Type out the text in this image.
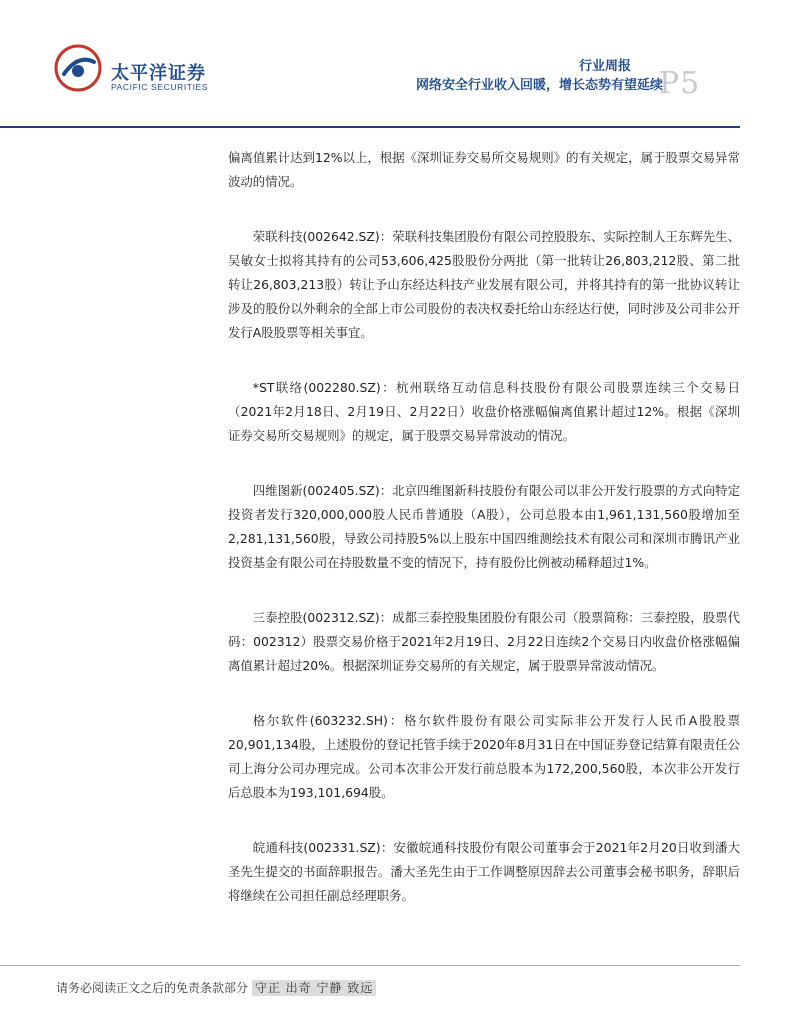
太平洋证券
PACIFIC SECURITIES
行业周报
网络安全行业收入回暖，增长态势有望延续
P5

偏离值累计达到12%以上，根据《深圳证券交易所交易规则》的有关规定，属于股票交易异常波动的情况。

荣联科技(002642.SZ)：荣联科技集团股份有限公司控股股东、实际控制人王东辉先生、吴敏女士拟将其持有的公司53,606,425股股份分两批（第一批转让26,803,212股、第二批转让26,803,213股）转让予山东经达科技产业发展有限公司，并将其持有的第一批协议转让涉及的股份以外剩余的全部上市公司股份的表决权委托给山东经达行使，同时涉及公司非公开发行A股股票等相关事宜。

*ST联络(002280.SZ)：杭州联络互动信息科技股份有限公司股票连续三个交易日（2021年2月18日、2月19日、2月22日）收盘价格涨幅偏离值累计超过12%。根据《深圳证券交易所交易规则》的规定，属于股票交易异常波动的情况。

四维图新(002405.SZ)：北京四维图新科技股份有限公司以非公开发行股票的方式向特定投资者发行320,000,000股人民币普通股（A股），公司总股本由1,961,131,560股增加至2,281,131,560股，导致公司持股5%以上股东中国四维测绘技术有限公司和深圳市腾讯产业投资基金有限公司在持股数量不变的情况下，持有股份比例被动稀释超过1%。

三泰控股(002312.SZ)：成都三泰控股集团股份有限公司（股票简称：三泰控股，股票代码：002312）股票交易价格于2021年2月19日、2月22日连续2个交易日内收盘价格涨幅偏离值累计超过20%。根据深圳证券交易所的有关规定，属于股票异常波动情况。

格尔软件(603232.SH)：格尔软件股份有限公司实际非公开发行人民币A股股票20,901,134股，上述股份的登记托管手续于2020年8月31日在中国证券登记结算有限责任公司上海分公司办理完成。公司本次非公开发行前总股本为172,200,560股，本次非公开发行后总股本为193,101,694股。

皖通科技(002331.SZ)：安徽皖通科技股份有限公司董事会于2021年2月20日收到潘大圣先生提交的书面辞职报告。潘大圣先生由于工作调整原因辞去公司董事会秘书职务，辞职后将继续在公司担任副总经理职务。

请务必阅读正文之后的免责条款部分 守正 出奇 宁静 致远
